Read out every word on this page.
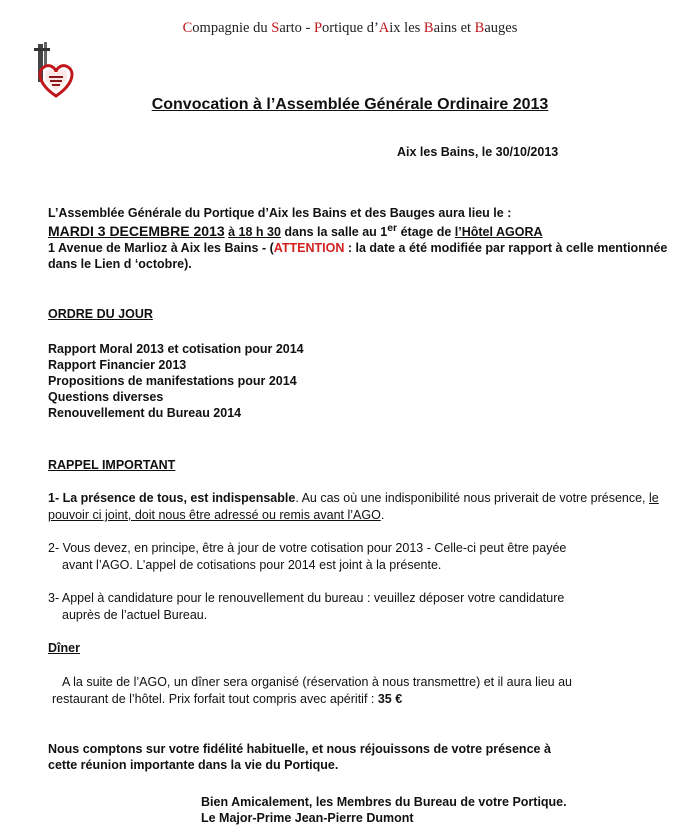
Compagnie du Sarto - Portique d’Aix les Bains et Bauges
Convocation à l’Assemblée Générale Ordinaire 2013
Aix les Bains, le 30/10/2013
L’Assemblée Générale du Portique d’Aix les Bains et des Bauges aura lieu le :
MARDI 3 DECEMBRE 2013 à 18 h 30 dans la salle au 1er étage de l’Hôtel AGORA
1 Avenue de Marlioz à Aix les Bains - (ATTENTION : la date a été modifiée par rapport à celle mentionnée dans le Lien d ‘octobre).
ORDRE DU JOUR
Rapport Moral 2013 et cotisation pour 2014
Rapport Financier 2013
Propositions de manifestations pour 2014
Questions diverses
Renouvellement du Bureau 2014
RAPPEL IMPORTANT
1- La présence de tous, est indispensable. Au cas où une indisponibilité nous priverait de votre présence, le pouvoir ci joint, doit nous être adressé ou remis avant l’AGO.
2- Vous devez, en principe, être à jour de votre cotisation pour 2013 - Celle-ci peut être payée
avant l’AGO. L’appel de cotisations pour 2014 est joint à la présente.
3- Appel à candidature pour le renouvellement du bureau : veuillez déposer votre candidature
auprès de l’actuel Bureau.
Dîner
A la suite de l’AGO, un dîner sera organisé (réservation à nous transmettre) et il aura lieu au
restaurant de l’hôtel. Prix forfait tout compris avec apéritif : 35 €
Nous comptons sur votre fidélité habituelle, et nous réjouissons de votre présence à
cette réunion importante dans la vie du Portique.
Bien Amicalement, les Membres du Bureau de votre Portique.
Le Major-Prime Jean-Pierre Dumont
